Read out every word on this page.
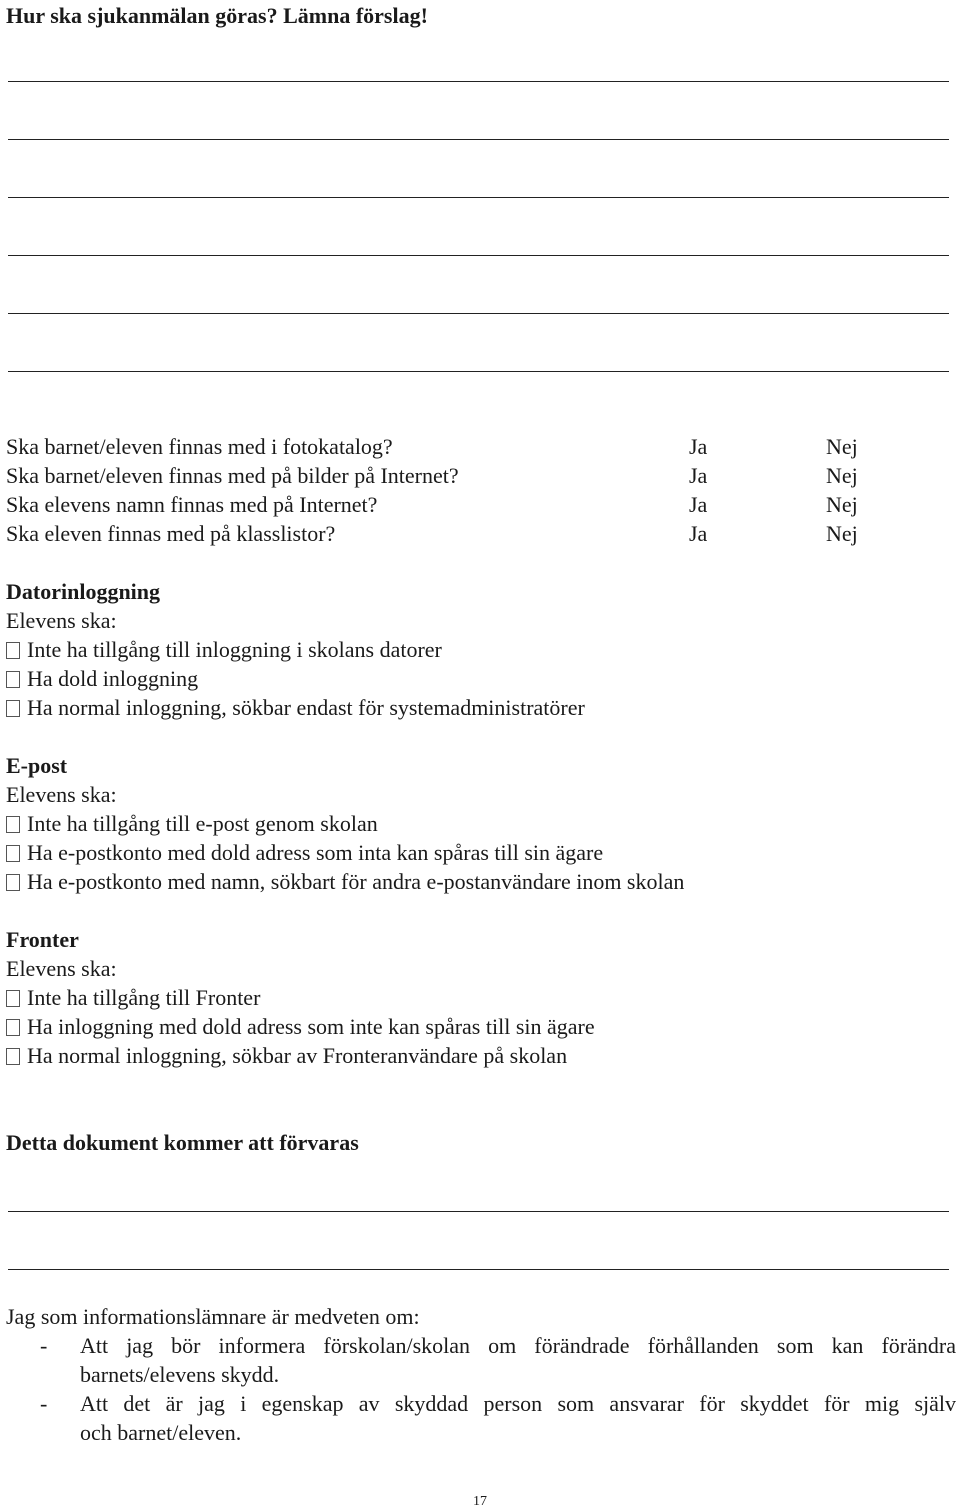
Hur ska sjukanmälan göras? Lämna förslag!
Ska barnet/eleven finnas med i fotokatalog?	Ja	Nej
Ska barnet/eleven finnas med på bilder på Internet?	Ja	Nej
Ska elevens namn finnas med på Internet?	Ja	Nej
Ska eleven finnas med på klasslistor?	Ja	Nej
Datorinloggning
Elevens ska:
Inte ha tillgång till inloggning i skolans datorer
Ha dold inloggning
Ha normal inloggning, sökbar endast för systemadministratörer
E-post
Elevens ska:
Inte ha tillgång till e-post genom skolan
Ha e-postkonto med dold adress som inta kan spåras till sin ägare
Ha e-postkonto med namn, sökbart för andra e-postanvändare inom skolan
Fronter
Elevens ska:
Inte ha tillgång till Fronter
Ha inloggning med dold adress som inte kan spåras till sin ägare
Ha normal inloggning, sökbar av Fronteranvändare på skolan
Detta dokument kommer att förvaras
Jag som informationslämnare är medveten om:
- Att jag bör informera förskolan/skolan om förändrade förhållanden som kan förändra
barnets/elevens skydd.
- Att det är jag i egenskap av skyddad person som ansvarar för skyddet för mig själv
och barnet/eleven.
17
